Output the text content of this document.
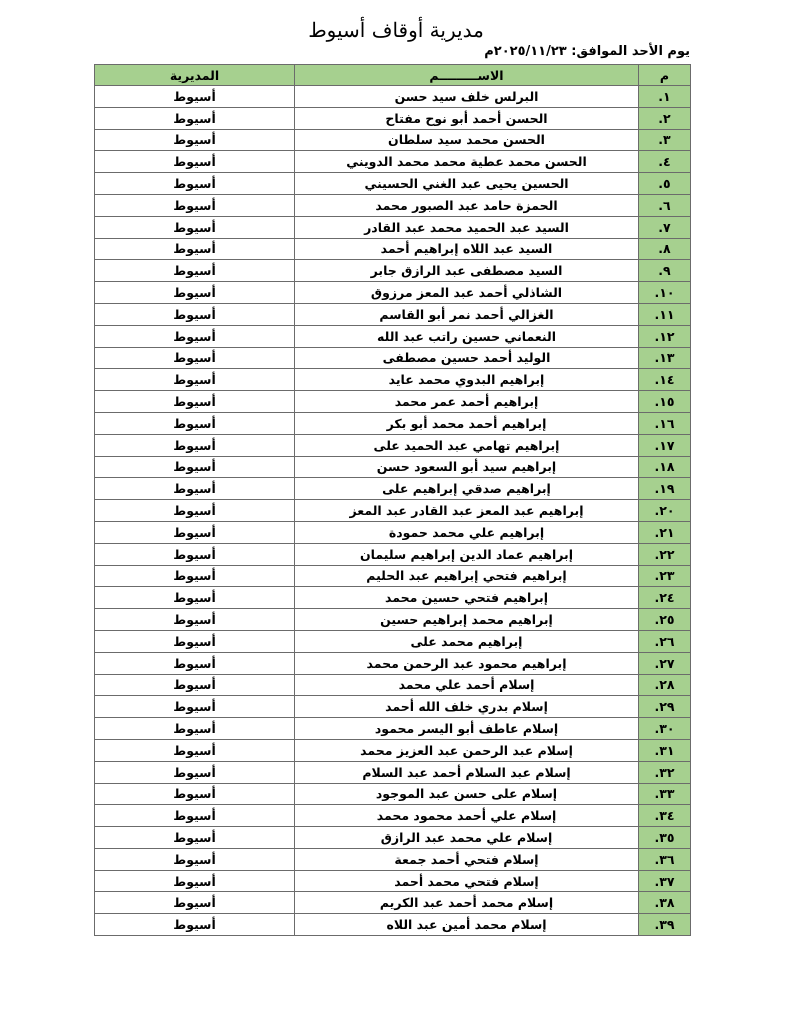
مديرية أوقاف أسيوط
يوم الأحد الموافق: ٢٠٢٥/١١/٢٣م
م	الاســـــــــم	المديرية
١.	البرلس خلف سيد حسن	أسيوط
٢.	الحسن أحمد أبو نوح مفتاح	أسيوط
٣.	الحسن محمد سيد سلطان	أسيوط
٤.	الحسن محمد عطية محمد محمد الدويني	أسيوط
٥.	الحسين يحيى عبد الغني الحسيني	أسيوط
٦.	الحمزة حامد عبد الصبور محمد	أسيوط
٧.	السيد عبد الحميد محمد عبد القادر	أسيوط
٨.	السيد عبد اللاه إبراهيم أحمد	أسيوط
٩.	السيد مصطفى عبد الرازق جابر	أسيوط
١٠.	الشاذلي أحمد عبد المعز مرزوق	أسيوط
١١.	الغزالي أحمد نمر أبو القاسم	أسيوط
١٢.	النعماني حسين راتب عبد الله	أسيوط
١٣.	الوليد أحمد حسين مصطفى	أسيوط
١٤.	إبراهيم البدوي محمد عايد	أسيوط
١٥.	إبراهيم أحمد عمر محمد	أسيوط
١٦.	إبراهيم أحمد محمد أبو بكر	أسيوط
١٧.	إبراهيم تهامي عبد الحميد على	أسيوط
١٨.	إبراهيم سيد أبو السعود حسن	أسيوط
١٩.	إبراهيم صدقي إبراهيم على	أسيوط
٢٠.	إبراهيم عبد المعز عبد القادر عبد المعز	أسيوط
٢١.	إبراهيم علي محمد حمودة	أسيوط
٢٢.	إبراهيم عماد الدين إبراهيم سليمان	أسيوط
٢٣.	إبراهيم فتحي إبراهيم عبد الحليم	أسيوط
٢٤.	إبراهيم فتحي حسين محمد	أسيوط
٢٥.	إبراهيم محمد إبراهيم حسين	أسيوط
٢٦.	إبراهيم محمد على	أسيوط
٢٧.	إبراهيم محمود عبد الرحمن محمد	أسيوط
٢٨.	إسلام أحمد علي محمد	أسيوط
٢٩.	إسلام بدري خلف الله أحمد	أسيوط
٣٠.	إسلام عاطف أبو اليسر محمود	أسيوط
٣١.	إسلام عبد الرحمن عبد العزيز محمد	أسيوط
٣٢.	إسلام عبد السلام أحمد عبد السلام	أسيوط
٣٣.	إسلام على حسن عبد الموجود	أسيوط
٣٤.	إسلام علي أحمد محمود محمد	أسيوط
٣٥.	إسلام علي محمد عبد الرازق	أسيوط
٣٦.	إسلام فتحي أحمد جمعة	أسيوط
٣٧.	إسلام فتحي محمد أحمد	أسيوط
٣٨.	إسلام محمد أحمد عبد الكريم	أسيوط
٣٩.	إسلام محمد أمين عبد اللاه	أسيوط
